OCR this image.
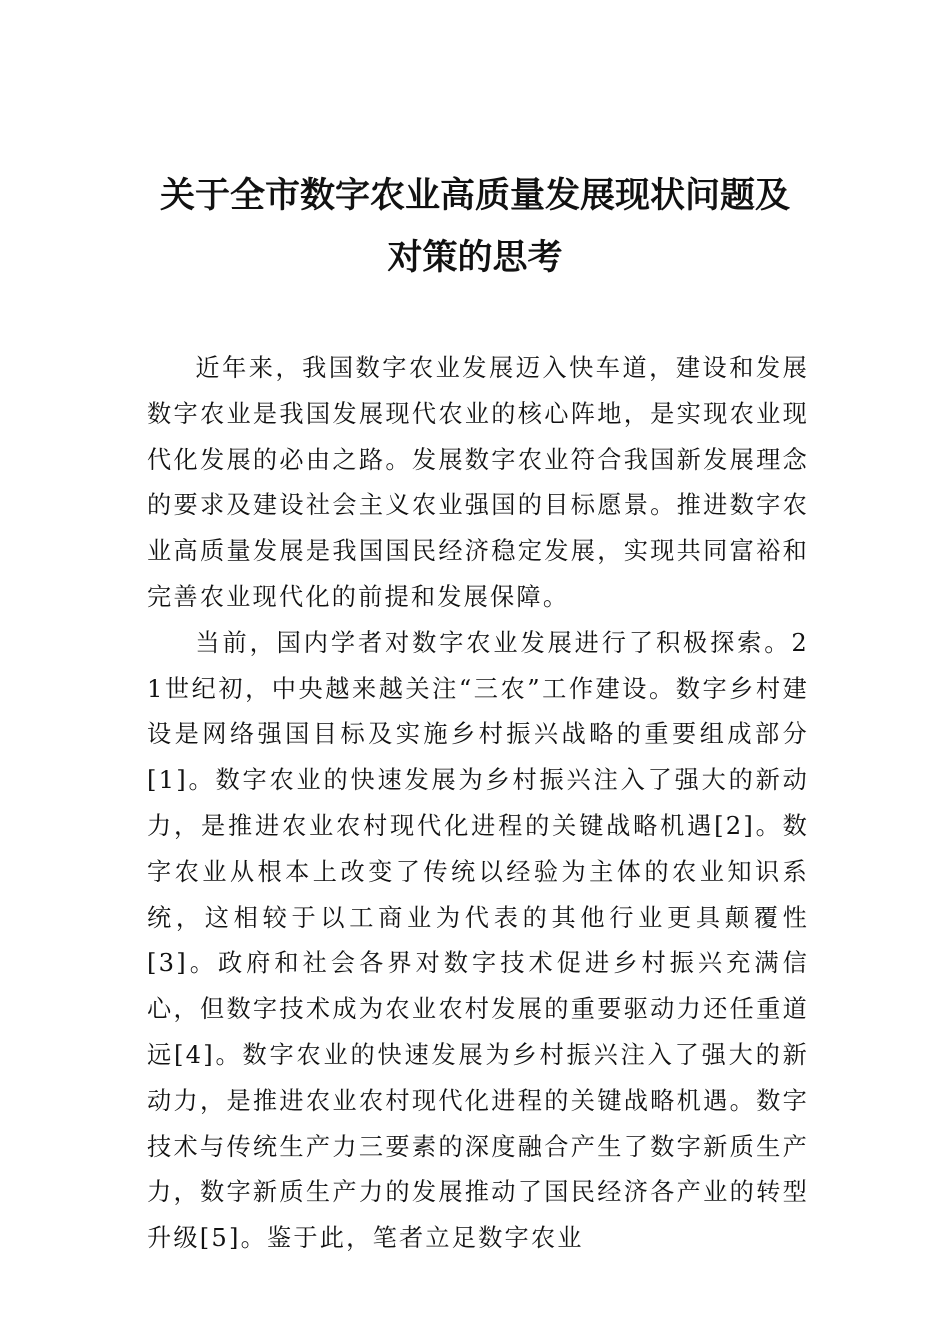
关于全市数字农业高质量发展现状问题及
对策的思考

近年来，我国数字农业发展迈入快车道，建设和发展数字农业是我国发展现代农业的核心阵地，是实现农业现代化发展的必由之路。发展数字农业符合我国新发展理念的要求及建设社会主义农业强国的目标愿景。推进数字农业高质量发展是我国国民经济稳定发展，实现共同富裕和完善农业现代化的前提和发展保障。

当前，国内学者对数字农业发展进行了积极探索。21世纪初，中央越来越关注“三农”工作建设。数字乡村建设是网络强国目标及实施乡村振兴战略的重要组成部分[1]。数字农业的快速发展为乡村振兴注入了强大的新动力，是推进农业农村现代化进程的关键战略机遇[2]。数字农业从根本上改变了传统以经验为主体的农业知识系统，这相较于以工商业为代表的其他行业更具颠覆性[3]。政府和社会各界对数字技术促进乡村振兴充满信心，但数字技术成为农业农村发展的重要驱动力还任重道远[4]。数字农业的快速发展为乡村振兴注入了强大的新动力，是推进农业农村现代化进程的关键战略机遇。数字技术与传统生产力三要素的深度融合产生了数字新质生产力，数字新质生产力的发展推动了国民经济各产业的转型升级[5]。鉴于此，笔者立足数字农业
